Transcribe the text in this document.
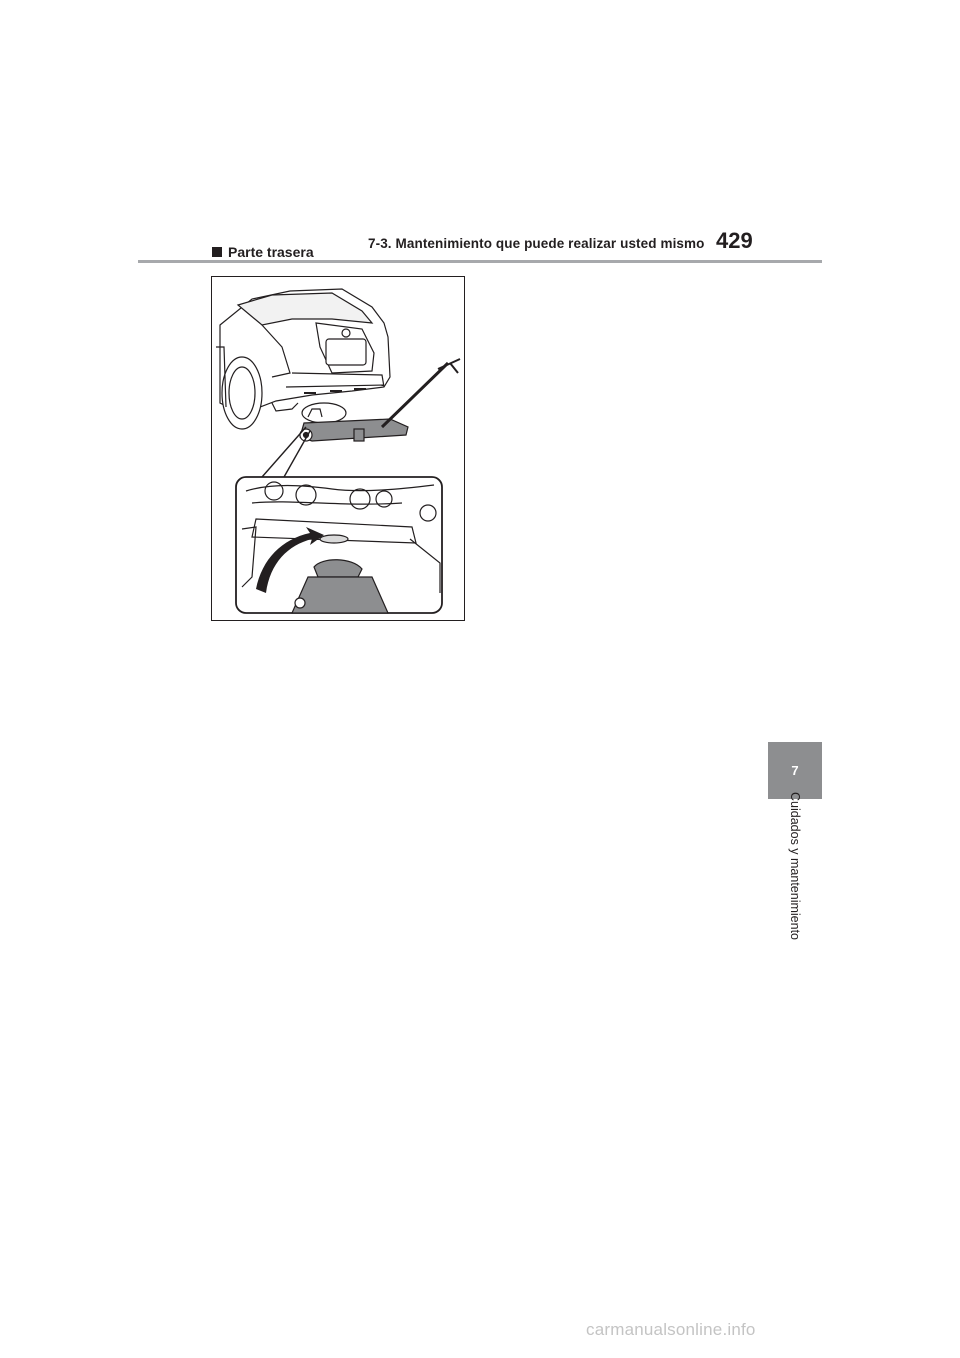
7-3. Mantenimiento que puede realizar usted mismo 429
Parte trasera
7
Cuidados y mantenimiento
carmanualsonline.info
